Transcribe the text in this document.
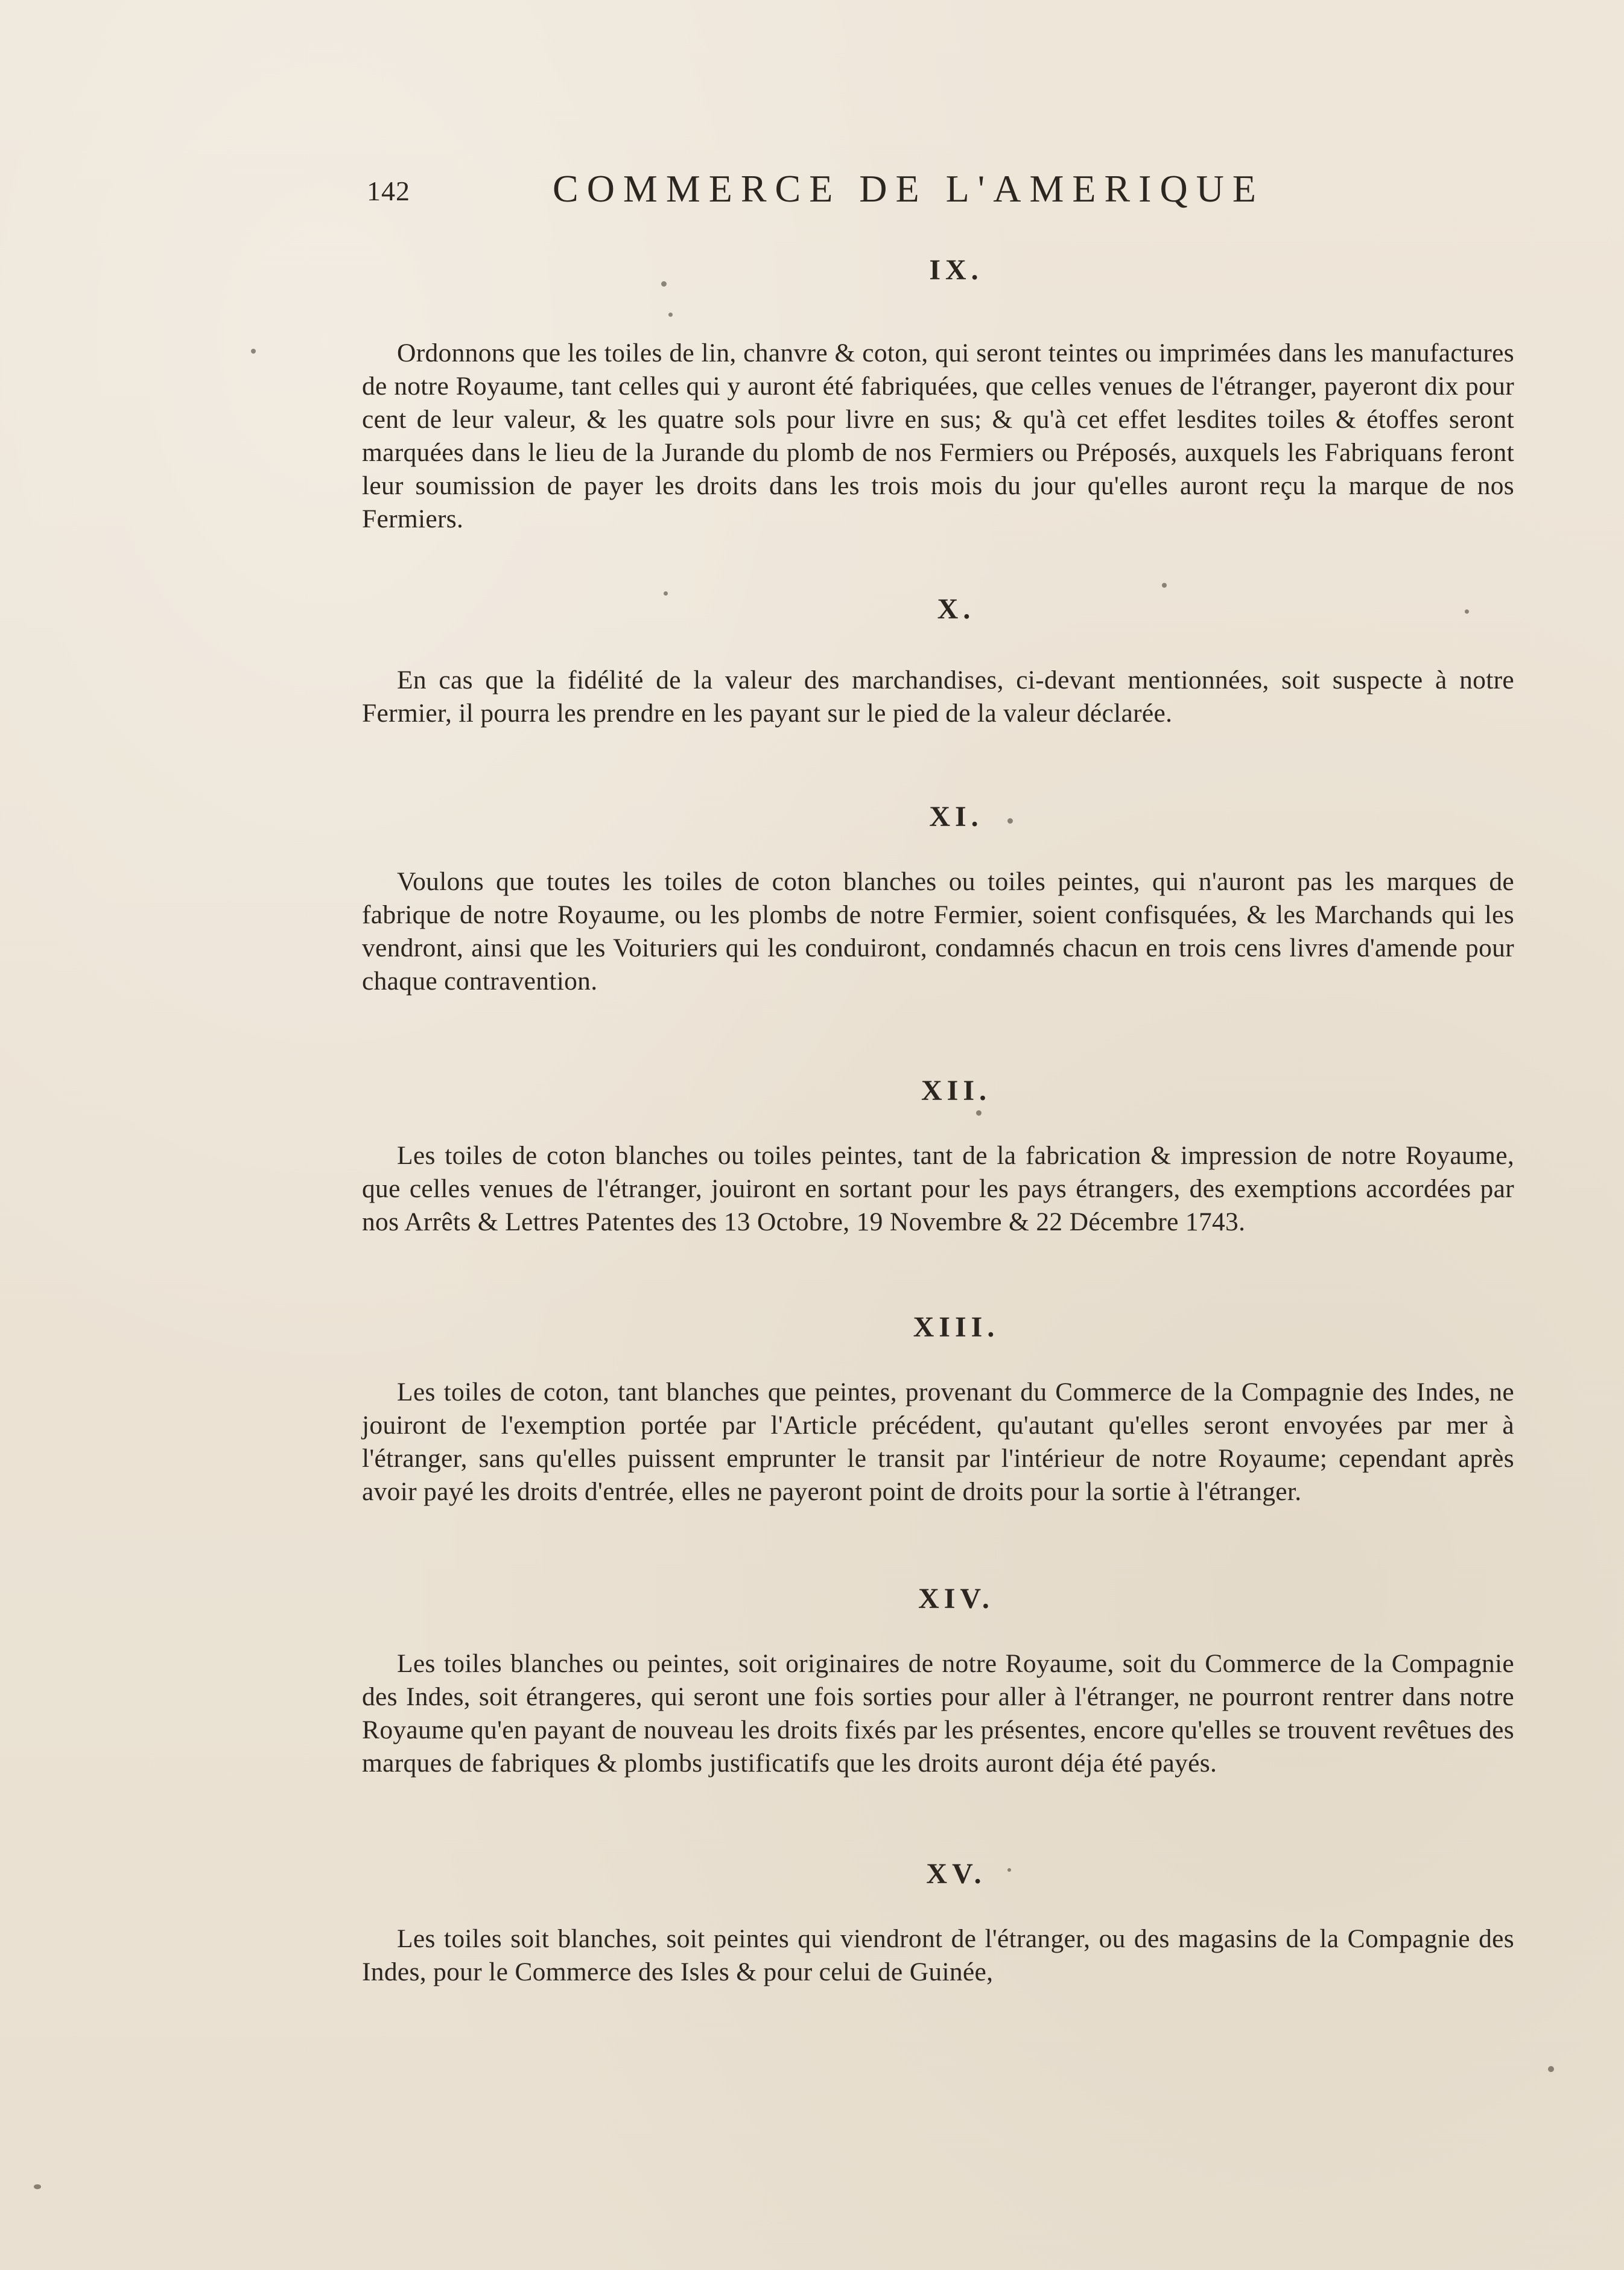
142	COMMERCE DE L'AMERIQUE
IX.
Ordonnons que les toiles de lin, chanvre & coton, qui seront teintes ou imprimées dans les manufactures de notre Royaume, tant celles qui y auront été fabriquées, que celles venues de l'étranger, payeront dix pour cent de leur valeur, & les quatre sols pour livre en sus; & qu'à cet effet lesdites toiles & étoffes seront marquées dans le lieu de la Jurande du plomb de nos Fermiers ou Préposés, auxquels les Fabriquans feront leur soumission de payer les droits dans les trois mois du jour qu'elles auront reçu la marque de nos Fermiers.
X.
En cas que la fidélité de la valeur des marchandises, ci-devant mentionnées, soit suspecte à notre Fermier, il pourra les prendre en les payant sur le pied de la valeur déclarée.
XI.
Voulons que toutes les toiles de coton blanches ou toiles peintes, qui n'auront pas les marques de fabrique de notre Royaume, ou les plombs de notre Fermier, soient confisquées, & les Marchands qui les vendront, ainsi que les Voituriers qui les conduiront, condamnés chacun en trois cens livres d'amende pour chaque contravention.
XII.
Les toiles de coton blanches ou toiles peintes, tant de la fabrication & impression de notre Royaume, que celles venues de l'étranger, jouiront en sortant pour les pays étrangers, des exemptions accordées par nos Arrêts & Lettres Patentes des 13 Octobre, 19 Novembre & 22 Décembre 1743.
XIII.
Les toiles de coton, tant blanches que peintes, provenant du Commerce de la Compagnie des Indes, ne jouiront de l'exemption portée par l'Article précédent, qu'autant qu'elles seront envoyées par mer à l'étranger, sans qu'elles puissent emprunter le transit par l'intérieur de notre Royaume; cependant après avoir payé les droits d'entrée, elles ne payeront point de droits pour la sortie à l'étranger.
XIV.
Les toiles blanches ou peintes, soit originaires de notre Royaume, soit du Commerce de la Compagnie des Indes, soit étrangeres, qui seront une fois sorties pour aller à l'étranger, ne pourront rentrer dans notre Royaume qu'en payant de nouveau les droits fixés par les présentes, encore qu'elles se trouvent revêtues des marques de fabriques & plombs justificatifs que les droits auront déja été payés.
XV.
Les toiles soit blanches, soit peintes qui viendront de l'étranger, ou des magasins de la Compagnie des Indes, pour le Commerce des Isles & pour celui de Guinée,
